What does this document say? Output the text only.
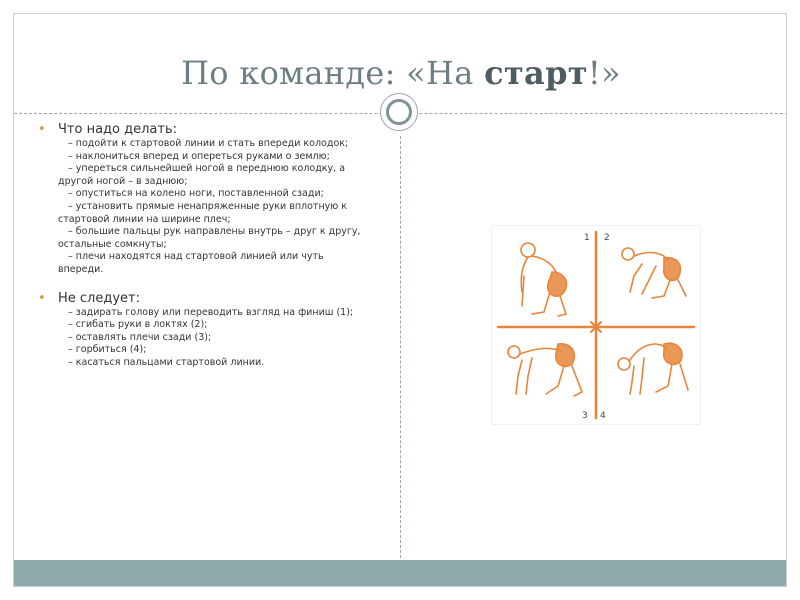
По команде: «На старт!»
• Что надо делать:
– подойти к стартовой линии и стать впереди колодок;
– наклониться вперед и опереться руками о землю;
– упереться сильнейшей ногой в переднюю колодку, а другой ногой – в заднюю;
– опуститься на колено ноги, поставленной сзади;
– установить прямые ненапряженные руки вплотную к стартовой линии на ширине плеч;
– большие пальцы рук направлены внутрь – друг к другу, остальные сомкнуты;
– плечи находятся над стартовой линией или чуть впереди.
• Не следует:
– задирать голову или переводить взгляд на финиш (1);
– сгибать руки в локтях (2);
– оставлять плечи сзади (3);
– горбиться (4);
– касаться пальцами стартовой линии.
1 2
3 4
